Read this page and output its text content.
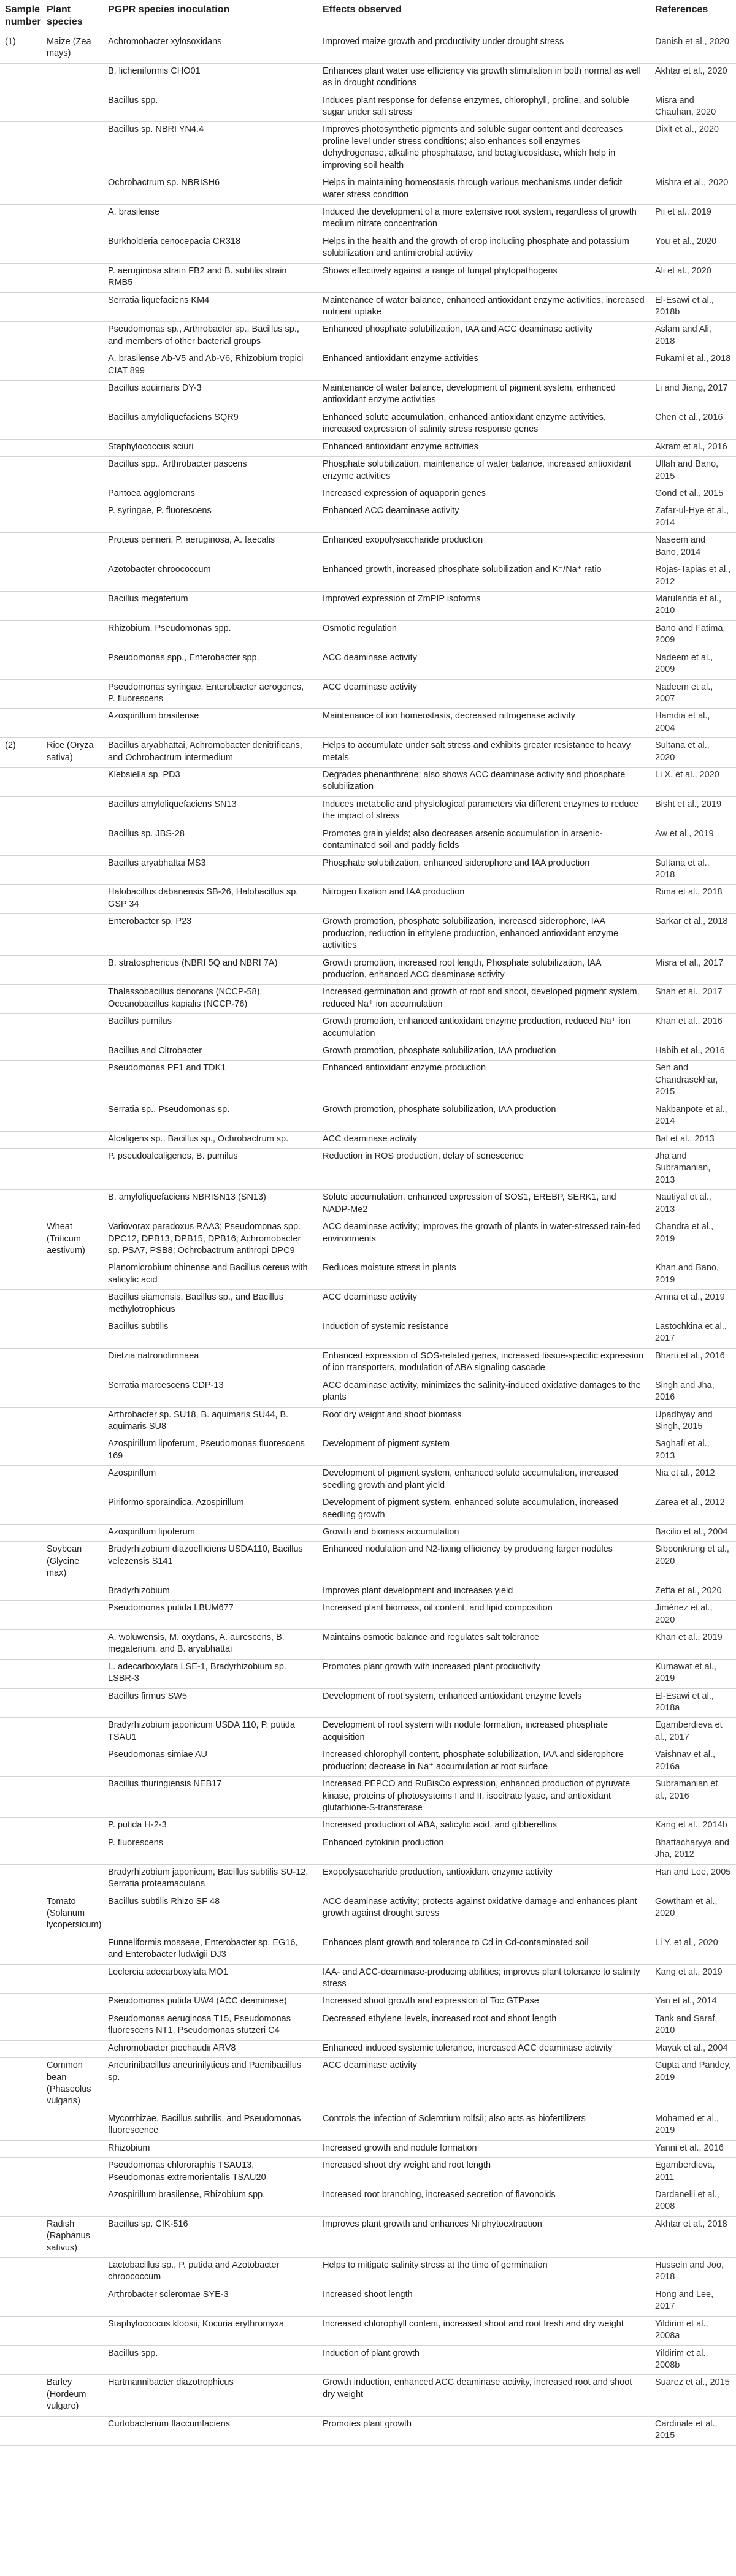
Sample number	Plant species	PGPR species inoculation	Effects observed	References
(1)	Maize (Zea mays)	Achromobacter xylosoxidans	Improved maize growth and productivity under drought stress	Danish et al., 2020
		B. licheniformis CHO01	Enhances plant water use efficiency via growth stimulation in both normal as well as in drought conditions	Akhtar et al., 2020
		Bacillus spp.	Induces plant response for defense enzymes, chlorophyll, proline, and soluble sugar under salt stress	Misra and Chauhan, 2020
		Bacillus sp. NBRI YN4.4	Improves photosynthetic pigments and soluble sugar content and decreases proline level under stress conditions; also enhances soil enzymes dehydrogenase, alkaline phosphatase, and betaglucosidase, which help in improving soil health	Dixit et al., 2020
		Ochrobactrum sp. NBRISH6	Helps in maintaining homeostasis through various mechanisms under deficit water stress condition	Mishra et al., 2020
		A. brasilense	Induced the development of a more extensive root system, regardless of growth medium nitrate concentration	Pii et al., 2019
		Burkholderia cenocepacia CR318	Helps in the health and the growth of crop including phosphate and potassium solubilization and antimicrobial activity	You et al., 2020
		P. aeruginosa strain FB2 and B. subtilis strain RMB5	Shows effectively against a range of fungal phytopathogens	Ali et al., 2020
		Serratia liquefaciens KM4	Maintenance of water balance, enhanced antioxidant enzyme activities, increased nutrient uptake	El-Esawi et al., 2018b
		Pseudomonas sp., Arthrobacter sp., Bacillus sp., and members of other bacterial groups	Enhanced phosphate solubilization, IAA and ACC deaminase activity	Aslam and Ali, 2018
		A. brasilense Ab-V5 and Ab-V6, Rhizobium tropici CIAT 899	Enhanced antioxidant enzyme activities	Fukami et al., 2018
		Bacillus aquimaris DY-3	Maintenance of water balance, development of pigment system, enhanced antioxidant enzyme activities	Li and Jiang, 2017
		Bacillus amyloliquefaciens SQR9	Enhanced solute accumulation, enhanced antioxidant enzyme activities, increased expression of salinity stress response genes	Chen et al., 2016
		Staphylococcus sciuri	Enhanced antioxidant enzyme activities	Akram et al., 2016
		Bacillus spp., Arthrobacter pascens	Phosphate solubilization, maintenance of water balance, increased antioxidant enzyme activities	Ullah and Bano, 2015
		Pantoea agglomerans	Increased expression of aquaporin genes	Gond et al., 2015
		P. syringae, P. fluorescens	Enhanced ACC deaminase activity	Zafar-ul-Hye et al., 2014
		Proteus penneri, P. aeruginosa, A. faecalis	Enhanced exopolysaccharide production	Naseem and Bano, 2014
		Azotobacter chroococcum	Enhanced growth, increased phosphate solubilization and K⁺/Na⁺ ratio	Rojas-Tapias et al., 2012
		Bacillus megaterium	Improved expression of ZmPIP isoforms	Marulanda et al., 2010
		Rhizobium, Pseudomonas spp.	Osmotic regulation	Bano and Fatima, 2009
		Pseudomonas spp., Enterobacter spp.	ACC deaminase activity	Nadeem et al., 2009
		Pseudomonas syringae, Enterobacter aerogenes, P. fluorescens	ACC deaminase activity	Nadeem et al., 2007
		Azospirillum brasilense	Maintenance of ion homeostasis, decreased nitrogenase activity	Hamdia et al., 2004
(2)	Rice (Oryza sativa)	Bacillus aryabhattai, Achromobacter denitrificans, and Ochrobactrum intermedium	Helps to accumulate under salt stress and exhibits greater resistance to heavy metals	Sultana et al., 2020
		Klebsiella sp. PD3	Degrades phenanthrene; also shows ACC deaminase activity and phosphate solubilization	Li X. et al., 2020
		Bacillus amyloliquefaciens SN13	Induces metabolic and physiological parameters via different enzymes to reduce the impact of stress	Bisht et al., 2019
		Bacillus sp. JBS-28	Promotes grain yields; also decreases arsenic accumulation in arsenic-contaminated soil and paddy fields	Aw et al., 2019
		Bacillus aryabhattai MS3	Phosphate solubilization, enhanced siderophore and IAA production	Sultana et al., 2018
		Halobacillus dabanensis SB-26, Halobacillus sp. GSP 34	Nitrogen fixation and IAA production	Rima et al., 2018
		Enterobacter sp. P23	Growth promotion, phosphate solubilization, increased siderophore, IAA production, reduction in ethylene production, enhanced antioxidant enzyme activities	Sarkar et al., 2018
		B. stratosphericus (NBRI 5Q and NBRI 7A)	Growth promotion, increased root length, Phosphate solubilization, IAA production, enhanced ACC deaminase activity	Misra et al., 2017
		Thalassobacillus denorans (NCCP-58), Oceanobacillus kapialis (NCCP-76)	Increased germination and growth of root and shoot, developed pigment system, reduced Na⁺ ion accumulation	Shah et al., 2017
		Bacillus pumilus	Growth promotion, enhanced antioxidant enzyme production, reduced Na⁺ ion accumulation	Khan et al., 2016
		Bacillus and Citrobacter	Growth promotion, phosphate solubilization, IAA production	Habib et al., 2016
		Pseudomonas PF1 and TDK1	Enhanced antioxidant enzyme production	Sen and Chandrasekhar, 2015
		Serratia sp., Pseudomonas sp.	Growth promotion, phosphate solubilization, IAA production	Nakbanpote et al., 2014
		Alcaligens sp., Bacillus sp., Ochrobactrum sp.	ACC deaminase activity	Bal et al., 2013
		P. pseudoalcaligenes, B. pumilus	Reduction in ROS production, delay of senescence	Jha and Subramanian, 2013
		B. amyloliquefaciens NBRISN13 (SN13)	Solute accumulation, enhanced expression of SOS1, EREBP, SERK1, and NADP-Me2	Nautiyal et al., 2013
	Wheat (Triticum aestivum)	Variovorax paradoxus RAA3; Pseudomonas spp. DPC12, DPB13, DPB15, DPB16; Achromobacter sp. PSA7, PSB8; Ochrobactrum anthropi DPC9	ACC deaminase activity; improves the growth of plants in water-stressed rain-fed environments	Chandra et al., 2019
		Planomicrobium chinense and Bacillus cereus with salicylic acid	Reduces moisture stress in plants	Khan and Bano, 2019
		Bacillus siamensis, Bacillus sp., and Bacillus methylotrophicus	ACC deaminase activity	Amna et al., 2019
		Bacillus subtilis	Induction of systemic resistance	Lastochkina et al., 2017
		Dietzia natronolimnaea	Enhanced expression of SOS-related genes, increased tissue-specific expression of ion transporters, modulation of ABA signaling cascade	Bharti et al., 2016
		Serratia marcescens CDP-13	ACC deaminase activity, minimizes the salinity-induced oxidative damages to the plants	Singh and Jha, 2016
		Arthrobacter sp. SU18, B. aquimaris SU44, B. aquimaris SU8	Root dry weight and shoot biomass	Upadhyay and Singh, 2015
		Azospirillum lipoferum, Pseudomonas fluorescens 169	Development of pigment system	Saghafi et al., 2013
		Azospirillum	Development of pigment system, enhanced solute accumulation, increased seedling growth and plant yield	Nia et al., 2012
		Piriformo sporaindica, Azospirillum	Development of pigment system, enhanced solute accumulation, increased seedling growth	Zarea et al., 2012
		Azospirillum lipoferum	Growth and biomass accumulation	Bacilio et al., 2004
	Soybean (Glycine max)	Bradyrhizobium diazoefficiens USDA110, Bacillus velezensis S141	Enhanced nodulation and N2-fixing efficiency by producing larger nodules	Sibponkrung et al., 2020
		Bradyrhizobium	Improves plant development and increases yield	Zeffa et al., 2020
		Pseudomonas putida LBUM677	Increased plant biomass, oil content, and lipid composition	Jiménez et al., 2020
		A. woluwensis, M. oxydans, A. aurescens, B. megaterium, and B. aryabhattai	Maintains osmotic balance and regulates salt tolerance	Khan et al., 2019
		L. adecarboxylata LSE-1, Bradyrhizobium sp. LSBR-3	Promotes plant growth with increased plant productivity	Kumawat et al., 2019
		Bacillus firmus SW5	Development of root system, enhanced antioxidant enzyme levels	El-Esawi et al., 2018a
		Bradyrhizobium japonicum USDA 110, P. putida TSAU1	Development of root system with nodule formation, increased phosphate acquisition	Egamberdieva et al., 2017
		Pseudomonas simiae AU	Increased chlorophyll content, phosphate solubilization, IAA and siderophore production; decrease in Na⁺ accumulation at root surface	Vaishnav et al., 2016a
		Bacillus thuringiensis NEB17	Increased PEPCO and RuBisCo expression, enhanced production of pyruvate kinase, proteins of photosystems I and II, isocitrate lyase, and antioxidant glutathione-S-transferase	Subramanian et al., 2016
		P. putida H-2-3	Increased production of ABA, salicylic acid, and gibberellins	Kang et al., 2014b
		P. fluorescens	Enhanced cytokinin production	Bhattacharyya and Jha, 2012
		Bradyrhizobium japonicum, Bacillus subtilis SU-12, Serratia proteamaculans	Exopolysaccharide production, antioxidant enzyme activity	Han and Lee, 2005
	Tomato (Solanum lycopersicum)	Bacillus subtilis Rhizo SF 48	ACC deaminase activity; protects against oxidative damage and enhances plant growth against drought stress	Gowtham et al., 2020
		Funneliformis mosseae, Enterobacter sp. EG16, and Enterobacter ludwigii DJ3	Enhances plant growth and tolerance to Cd in Cd-contaminated soil	Li Y. et al., 2020
		Leclercia adecarboxylata MO1	IAA- and ACC-deaminase-producing abilities; improves plant tolerance to salinity stress	Kang et al., 2019
		Pseudomonas putida UW4 (ACC deaminase)	Increased shoot growth and expression of Toc GTPase	Yan et al., 2014
		Pseudomonas aeruginosa T15, Pseudomonas fluorescens NT1, Pseudomonas stutzeri C4	Decreased ethylene levels, increased root and shoot length	Tank and Saraf, 2010
		Achromobacter piechaudii ARV8	Enhanced induced systemic tolerance, increased ACC deaminase activity	Mayak et al., 2004
	Common bean (Phaseolus vulgaris)	Aneurinibacillus aneurinilyticus and Paenibacillus sp.	ACC deaminase activity	Gupta and Pandey, 2019
		Mycorrhizae, Bacillus subtilis, and Pseudomonas fluorescence	Controls the infection of Sclerotium rolfsii; also acts as biofertilizers	Mohamed et al., 2019
		Rhizobium	Increased growth and nodule formation	Yanni et al., 2016
		Pseudomonas chlororaphis TSAU13, Pseudomonas extremorientalis TSAU20	Increased shoot dry weight and root length	Egamberdieva, 2011
		Azospirillum brasilense, Rhizobium spp.	Increased root branching, increased secretion of flavonoids	Dardanelli et al., 2008
	Radish (Raphanus sativus)	Bacillus sp. CIK-516	Improves plant growth and enhances Ni phytoextraction	Akhtar et al., 2018
		Lactobacillus sp., P. putida and Azotobacter chroococcum	Helps to mitigate salinity stress at the time of germination	Hussein and Joo, 2018
		Arthrobacter scleromae SYE-3	Increased shoot length	Hong and Lee, 2017
		Staphylococcus kloosii, Kocuria erythromyxa	Increased chlorophyll content, increased shoot and root fresh and dry weight	Yildirim et al., 2008a
		Bacillus spp.	Induction of plant growth	Yildirim et al., 2008b
	Barley (Hordeum vulgare)	Hartmannibacter diazotrophicus	Growth induction, enhanced ACC deaminase activity, increased root and shoot dry weight	Suarez et al., 2015
		Curtobacterium flaccumfaciens	Promotes plant growth	Cardinale et al., 2015
